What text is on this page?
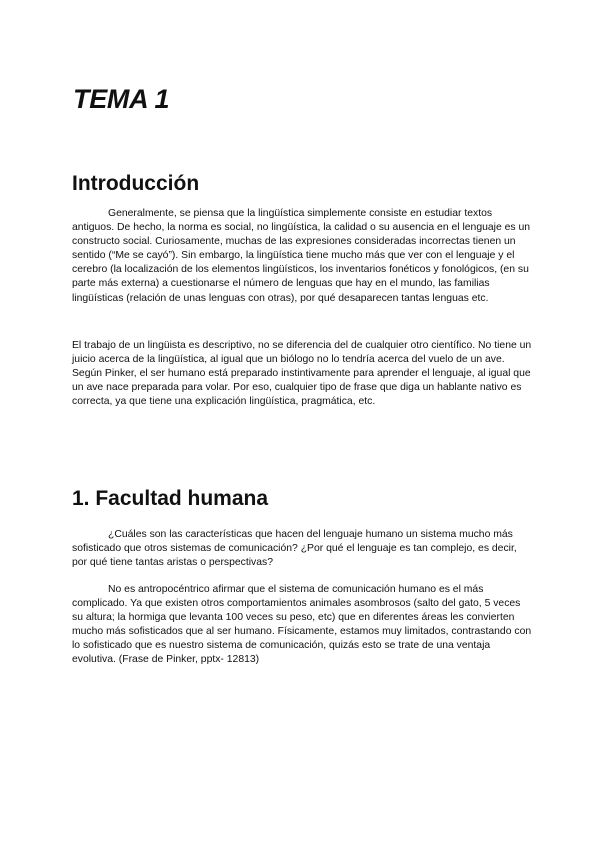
TEMA 1
Introducción

Generalmente, se piensa que la lingüística simplemente consiste en estudiar textos antiguos. De hecho, la norma es social, no lingüística, la calidad o su ausencia en el lenguaje es un constructo social. Curiosamente, muchas de las expresiones consideradas incorrectas tienen un sentido (“Me se cayó”). Sin embargo, la lingüística tiene mucho más que ver con el lenguaje y el cerebro (la localización de los elementos lingüísticos, los inventarios fonéticos y fonológicos, (en su parte más externa) a cuestionarse el número de lenguas que hay en el mundo, las familias lingüísticas (relación de unas lenguas con otras), por qué desaparecen tantas lenguas etc.

El trabajo de un lingüista es descriptivo, no se diferencia del de cualquier otro científico. No tiene un juicio acerca de la lingüística, al igual que un biólogo no lo tendría acerca del vuelo de un ave. Según Pinker, el ser humano está preparado instintivamente para aprender el lenguaje, al igual que un ave nace preparada para volar. Por eso, cualquier tipo de frase que diga un hablante nativo es correcta, ya que tiene una explicación lingüística, pragmática, etc.

1. Facultad humana

¿Cuáles son las características que hacen del lenguaje humano un sistema mucho más sofisticado que otros sistemas de comunicación? ¿Por qué el lenguaje es tan complejo, es decir, por qué tiene tantas aristas o perspectivas?

No es antropocéntrico afirmar que el sistema de comunicación humano es el más complicado. Ya que existen otros comportamientos animales asombrosos (salto del gato, 5 veces su altura; la hormiga que levanta 100 veces su peso, etc) que en diferentes áreas les convierten mucho más sofisticados que al ser humano. Físicamente, estamos muy limitados, contrastando con lo sofisticado que es nuestro sistema de comunicación, quizás esto se trate de una ventaja evolutiva. (Frase de Pinker, pptx- 12813)
